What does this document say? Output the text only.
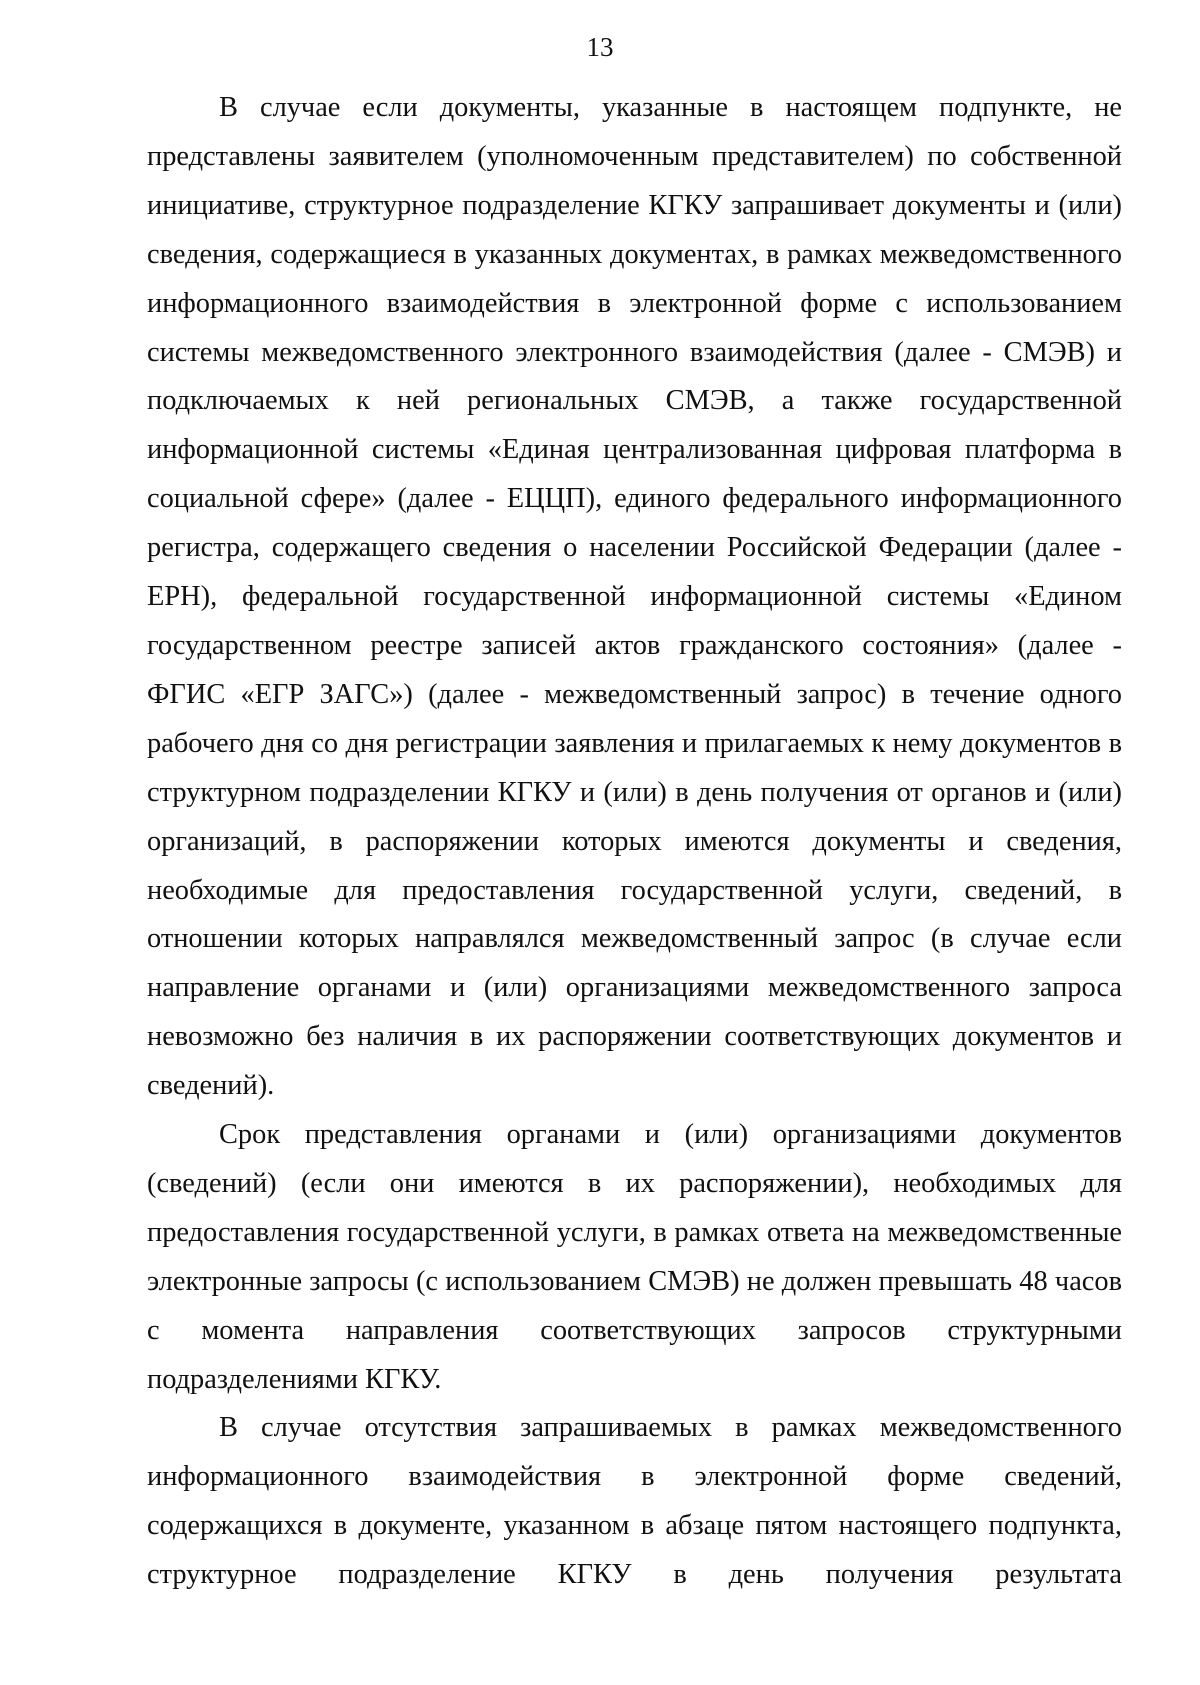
13

В случае если документы, указанные в настоящем подпункте, не представлены заявителем (уполномоченным представителем) по собственной инициативе, структурное подразделение КГКУ запрашивает документы и (или) сведения, содержащиеся в указанных документах, в рамках межведомственного информационного взаимодействия в электронной форме с использованием системы межведомственного электронного взаимодействия (далее - СМЭВ) и подключаемых к ней региональных СМЭВ, а также государственной информационной системы «Единая централизованная цифровая платформа в социальной сфере» (далее - ЕЦЦП), единого федерального информационного регистра, содержащего сведения о населении Российской Федерации (далее - ЕРН), федеральной государственной информационной системы «Едином государственном реестре записей актов гражданского состояния» (далее - ФГИС «ЕГР ЗАГС») (далее - межведомственный запрос) в течение одного рабочего дня со дня регистрации заявления и прилагаемых к нему документов в структурном подразделении КГКУ и (или) в день получения от органов и (или) организаций, в распоряжении которых имеются документы и сведения, необходимые для предоставления государственной услуги, сведений, в отношении которых направлялся межведомственный запрос (в случае если направление органами и (или) организациями межведомственного запроса невозможно без наличия в их распоряжении соответствующих документов и сведений).

Срок представления органами и (или) организациями документов (сведений) (если они имеются в их распоряжении), необходимых для предоставления государственной услуги, в рамках ответа на межведомственные электронные запросы (с использованием СМЭВ) не должен превышать 48 часов с момента направления соответствующих запросов структурными подразделениями КГКУ.

В случае отсутствия запрашиваемых в рамках межведомственного информационного взаимодействия в электронной форме сведений, содержащихся в документе, указанном в абзаце пятом настоящего подпункта, структурное подразделение КГКУ в день получения результата
